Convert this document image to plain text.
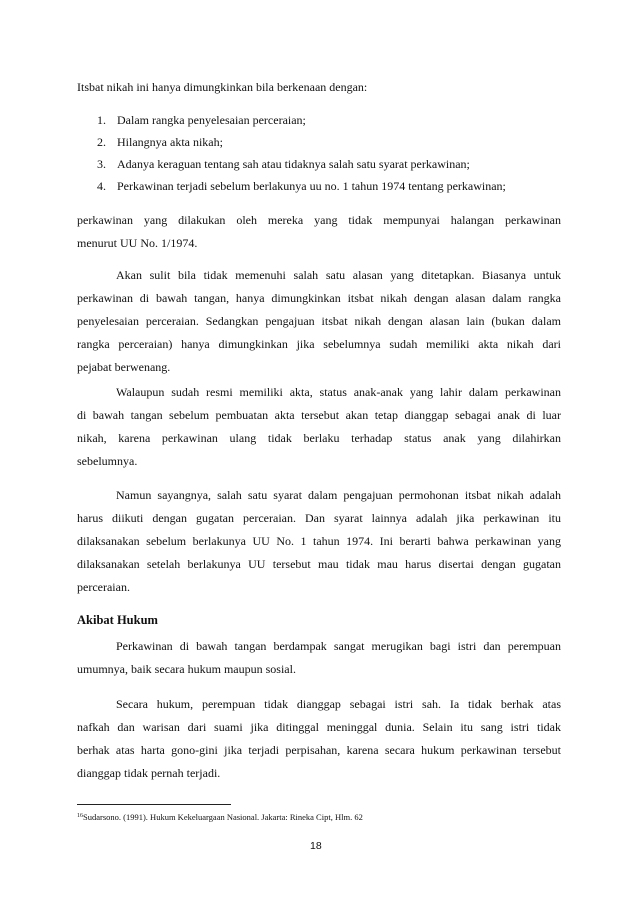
Itsbat nikah ini hanya dimungkinkan bila berkenaan dengan:
1. Dalam rangka penyelesaian perceraian;
2. Hilangnya akta nikah;
3. Adanya keraguan tentang sah atau tidaknya salah satu syarat perkawinan;
4. Perkawinan terjadi sebelum berlakunya uu no. 1 tahun 1974 tentang perkawinan;
perkawinan yang dilakukan oleh mereka yang tidak mempunyai halangan perkawinan
menurut UU No. 1/1974.
Akan sulit bila tidak memenuhi salah satu alasan yang ditetapkan. Biasanya untuk
perkawinan di bawah tangan, hanya dimungkinkan itsbat nikah dengan alasan dalam rangka
penyelesaian perceraian. Sedangkan pengajuan itsbat nikah dengan alasan lain (bukan dalam
rangka perceraian) hanya dimungkinkan jika sebelumnya sudah memiliki akta nikah dari
pejabat berwenang.
Walaupun sudah resmi memiliki akta, status anak-anak yang lahir dalam perkawinan
di bawah tangan sebelum pembuatan akta tersebut akan tetap dianggap sebagai anak di luar
nikah, karena perkawinan ulang tidak berlaku terhadap status anak yang dilahirkan
sebelumnya.
Namun sayangnya, salah satu syarat dalam pengajuan permohonan itsbat nikah adalah
harus diikuti dengan gugatan perceraian. Dan syarat lainnya adalah jika perkawinan itu
dilaksanakan sebelum berlakunya UU No. 1 tahun 1974. Ini berarti bahwa perkawinan yang
dilaksanakan setelah berlakunya UU tersebut mau tidak mau harus disertai dengan gugatan
perceraian.
Akibat Hukum
Perkawinan di bawah tangan berdampak sangat merugikan bagi istri dan perempuan
umumnya, baik secara hukum maupun sosial.
Secara hukum, perempuan tidak dianggap sebagai istri sah. Ia tidak berhak atas
nafkah dan warisan dari suami jika ditinggal meninggal dunia. Selain itu sang istri tidak
berhak atas harta gono-gini jika terjadi perpisahan, karena secara hukum perkawinan tersebut
dianggap tidak pernah terjadi.
$^{16}$Sudarsono. (1991). Hukum Kekeluargaan Nasional. Jakarta: Rineka Cipt, Hlm. 62
18
